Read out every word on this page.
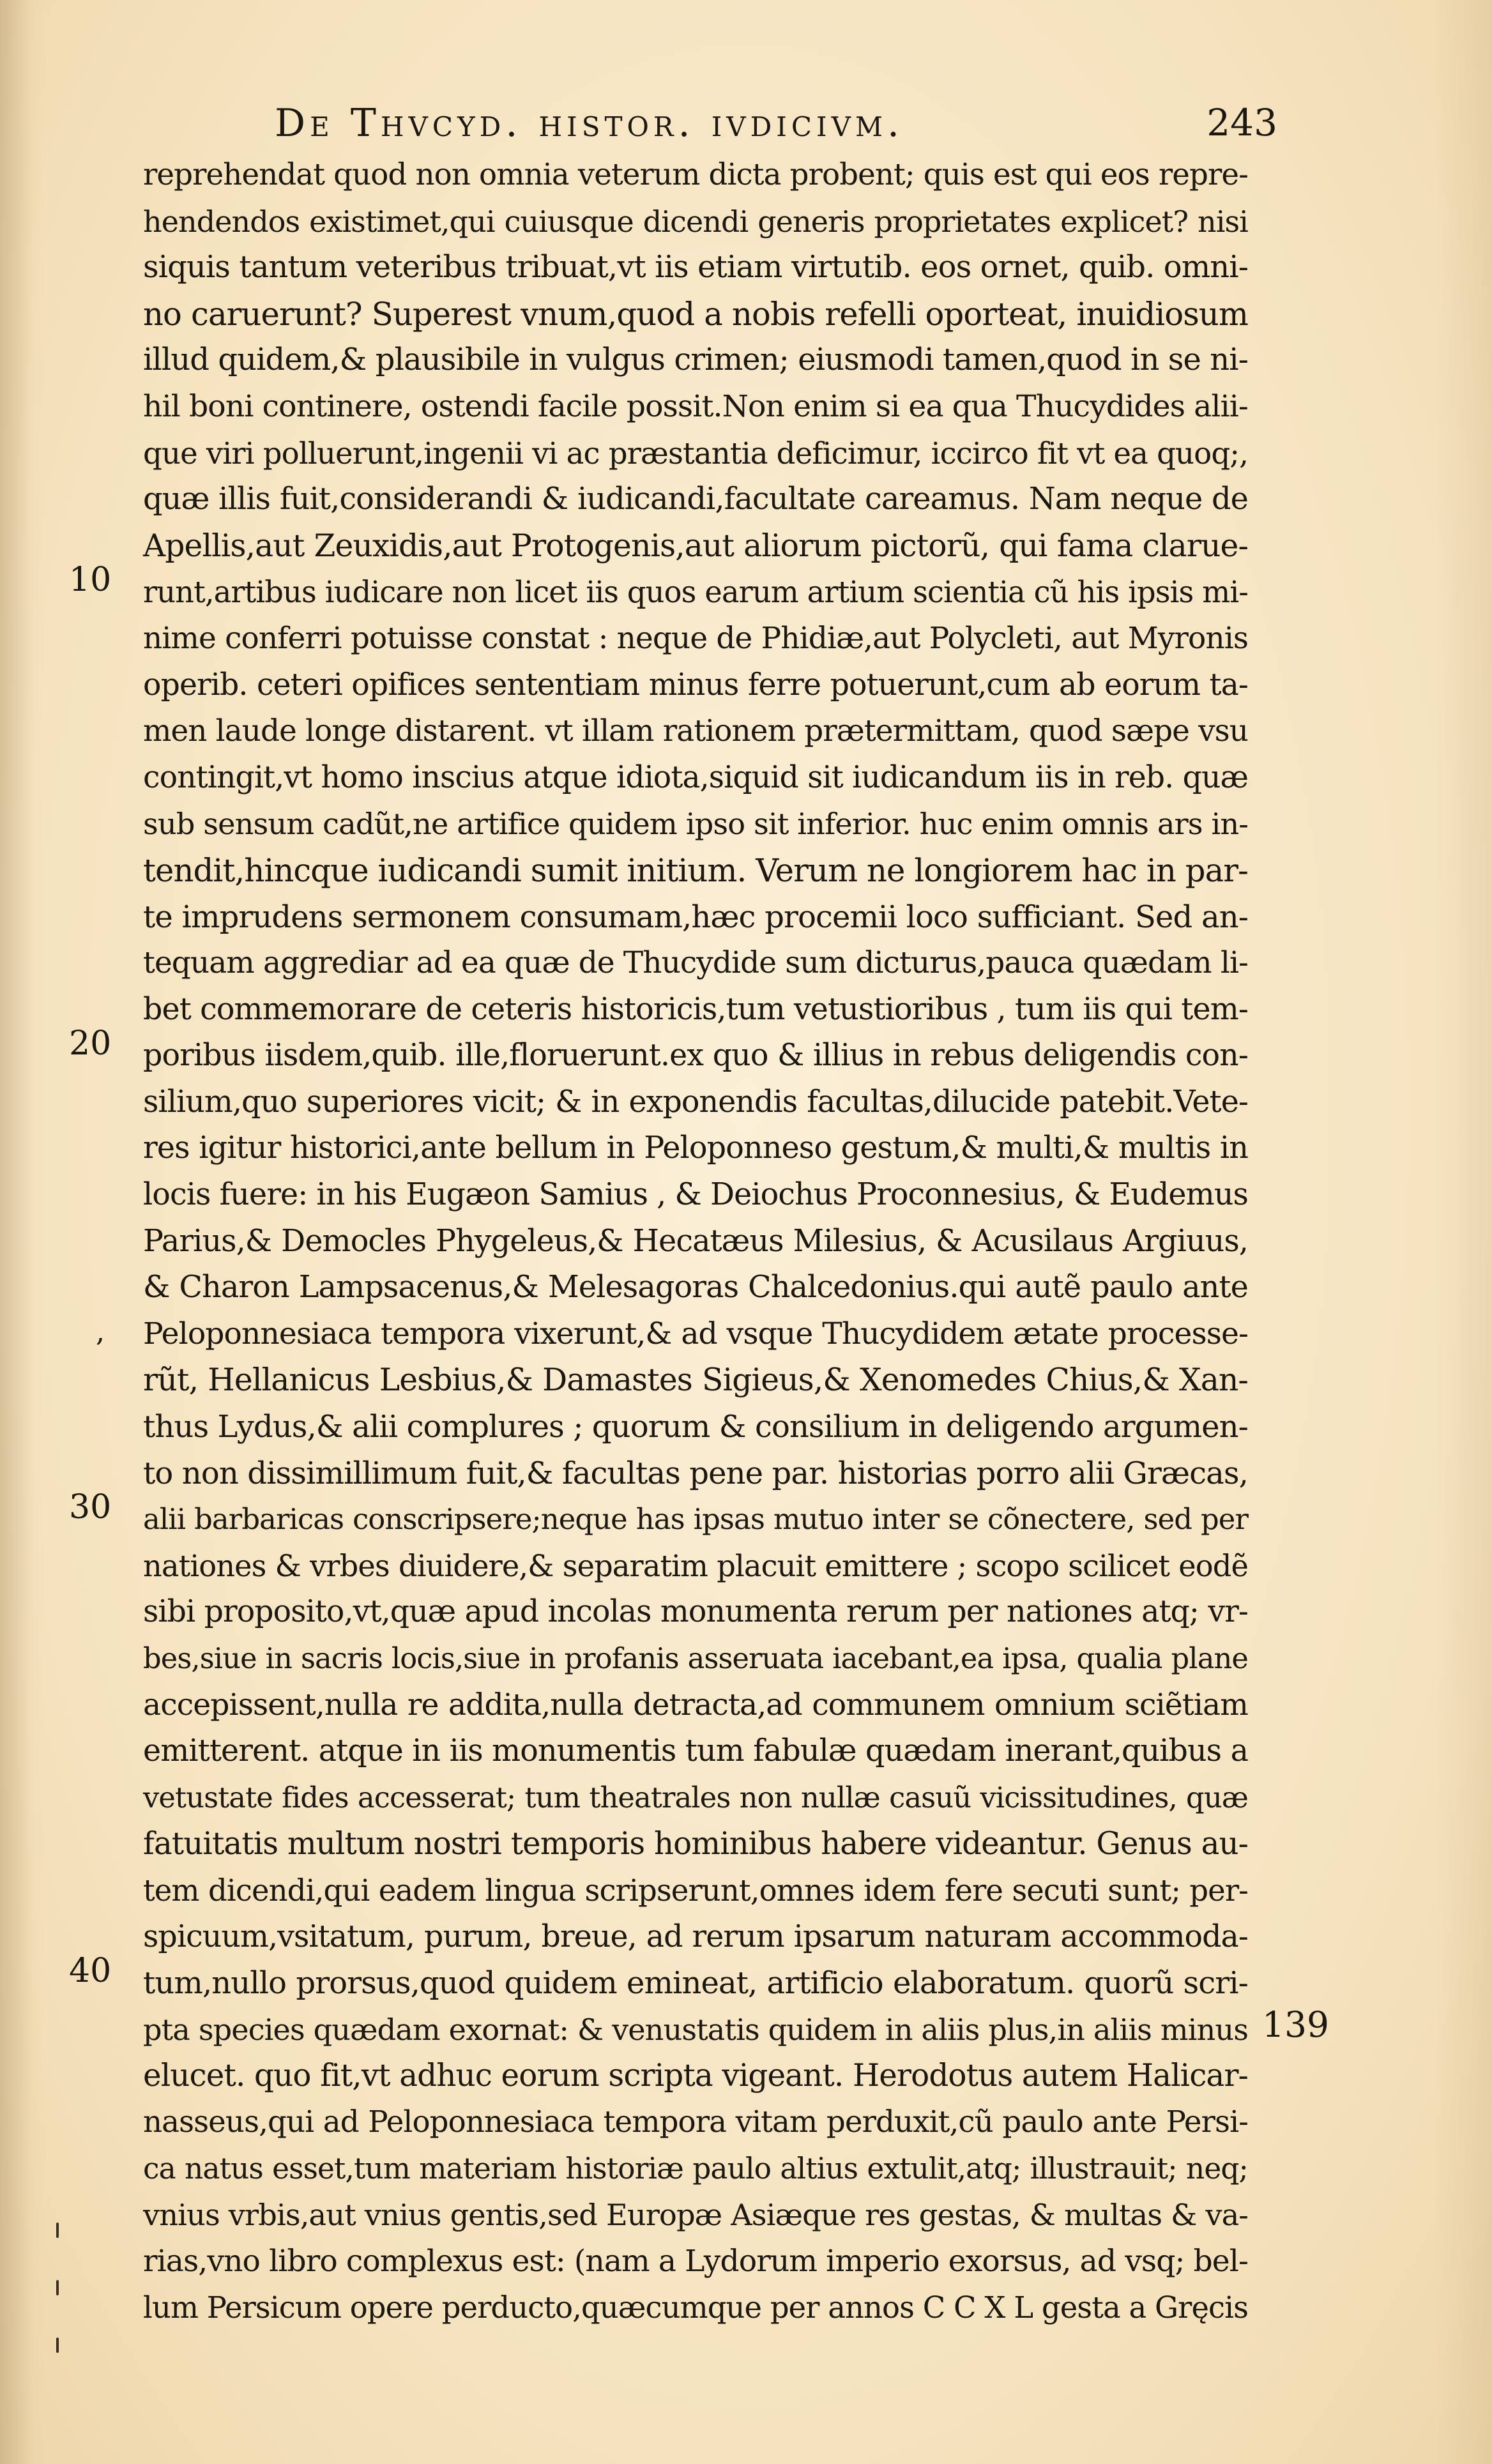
De Thvcyd. histor. ivdicivm.	243
10
20
30
40
,
139
reprehendat quod non omnia veterum dicta probent; quis est qui eos repre-
hendendos existimet,qui cuiusque dicendi generis proprietates explicet? nisi
siquis tantum veteribus tribuat,vt iis etiam virtutib. eos ornet, quib. omni-
no caruerunt? Superest vnum,quod a nobis refelli oporteat, inuidiosum
illud quidem,& plausibile in vulgus crimen; eiusmodi tamen,quod in se ni-
hil boni continere, ostendi facile possit.Non enim si ea qua Thucydides alii-
que viri polluerunt,ingenii vi ac præstantia deficimur, iccirco fit vt ea quoq;,
quæ illis fuit,considerandi & iudicandi,facultate careamus. Nam neque de
Apellis,aut Zeuxidis,aut Protogenis,aut aliorum pictorũ, qui fama clarue-
runt,artibus iudicare non licet iis quos earum artium scientia cũ his ipsis mi-
nime conferri potuisse constat : neque de Phidiæ,aut Polycleti, aut Myronis
operib. ceteri opifices sententiam minus ferre potuerunt,cum ab eorum ta-
men laude longe distarent. vt illam rationem prætermittam, quod sæpe vsu
contingit,vt homo inscius atque idiota,siquid sit iudicandum iis in reb. quæ
sub sensum cadũt,ne artifice quidem ipso sit inferior. huc enim omnis ars in-
tendit,hincque iudicandi sumit initium. Verum ne longiorem hac in par-
te imprudens sermonem consumam,hæc procemii loco sufficiant. Sed an-
tequam aggrediar ad ea quæ de Thucydide sum dicturus,pauca quædam li-
bet commemorare de ceteris historicis,tum vetustioribus , tum iis qui tem-
poribus iisdem,quib. ille,floruerunt.ex quo & illius in rebus deligendis con-
silium,quo superiores vicit; & in exponendis facultas,dilucide patebit.Vete-
res igitur historici,ante bellum in Peloponneso gestum,& multi,& multis in
locis fuere: in his Eugæon Samius , & Deiochus Proconnesius, & Eudemus
Parius,& Democles Phygeleus,& Hecatæus Milesius, & Acusilaus Argiuus,
& Charon Lampsacenus,& Melesagoras Chalcedonius.qui autẽ paulo ante
Peloponnesiaca tempora vixerunt,& ad vsque Thucydidem ætate processe-
rũt, Hellanicus Lesbius,& Damastes Sigieus,& Xenomedes Chius,& Xan-
thus Lydus,& alii complures ; quorum & consilium in deligendo argumen-
to non dissimillimum fuit,& facultas pene par. historias porro alii Græcas,
alii barbaricas conscripsere;neque has ipsas mutuo inter se cõnectere, sed per
nationes & vrbes diuidere,& separatim placuit emittere ; scopo scilicet eodẽ
sibi proposito,vt,quæ apud incolas monumenta rerum per nationes atq; vr-
bes,siue in sacris locis,siue in profanis asseruata iacebant,ea ipsa, qualia plane
accepissent,nulla re addita,nulla detracta,ad communem omnium sciẽtiam
emitterent. atque in iis monumentis tum fabulæ quædam inerant,quibus a
vetustate fides accesserat; tum theatrales non nullæ casuũ vicissitudines, quæ
fatuitatis multum nostri temporis hominibus habere videantur. Genus au-
tem dicendi,qui eadem lingua scripserunt,omnes idem fere secuti sunt; per-
spicuum,vsitatum, purum, breue, ad rerum ipsarum naturam accommoda-
tum,nullo prorsus,quod quidem emineat, artificio elaboratum. quorũ scri-
pta species quædam exornat: & venustatis quidem in aliis plus,in aliis minus
elucet. quo fit,vt adhuc eorum scripta vigeant. Herodotus autem Halicar-
nasseus,qui ad Peloponnesiaca tempora vitam perduxit,cũ paulo ante Persi-
ca natus esset,tum materiam historiæ paulo altius extulit,atq; illustrauit; neq;
vnius vrbis,aut vnius gentis,sed Europæ Asiæque res gestas, & multas & va-
rias,vno libro complexus est: (nam a Lydorum imperio exorsus, ad vsq; bel-
lum Persicum opere perducto,quæcumque per annos C C X L gesta a Gręcis
